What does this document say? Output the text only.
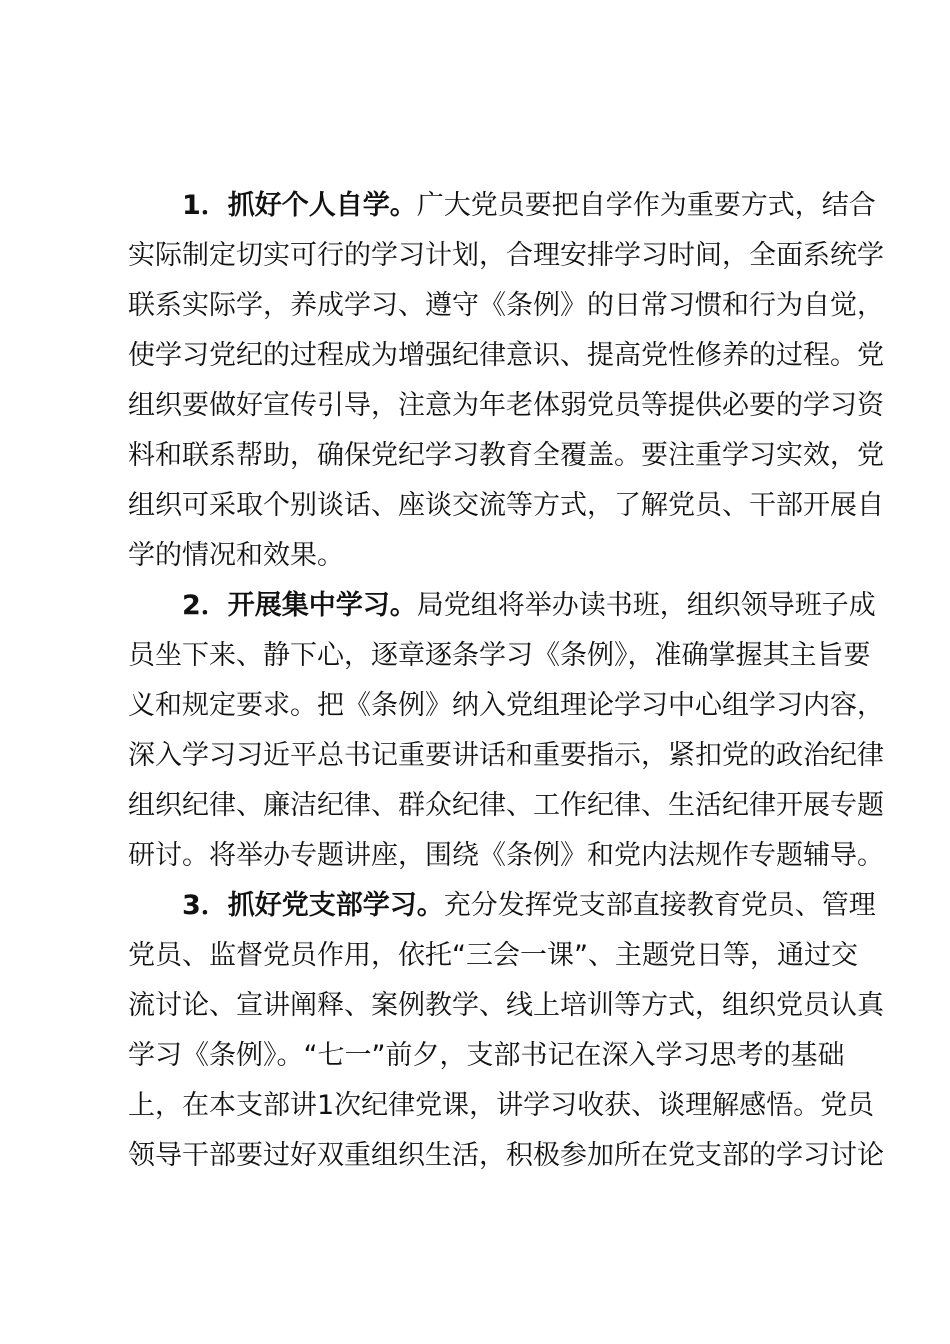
1．抓好个人自学。广大党员要把自学作为重要方式，结合
实际制定切实可行的学习计划，合理安排学习时间，全面系统学
联系实际学，养成学习、遵守《条例》的日常习惯和行为自觉，
使学习党纪的过程成为增强纪律意识、提高党性修养的过程。党
组织要做好宣传引导，注意为年老体弱党员等提供必要的学习资
料和联系帮助，确保党纪学习教育全覆盖。要注重学习实效，党
组织可采取个别谈话、座谈交流等方式，了解党员、干部开展自
学的情况和效果。
2．开展集中学习。局党组将举办读书班，组织领导班子成
员坐下来、静下心，逐章逐条学习《条例》，准确掌握其主旨要
义和规定要求。把《条例》纳入党组理论学习中心组学习内容，
深入学习习近平总书记重要讲话和重要指示，紧扣党的政治纪律
组织纪律、廉洁纪律、群众纪律、工作纪律、生活纪律开展专题
研讨。将举办专题讲座，围绕《条例》和党内法规作专题辅导。
3．抓好党支部学习。充分发挥党支部直接教育党员、管理
党员、监督党员作用，依托“三会一课”、主题党日等，通过交
流讨论、宣讲阐释、案例教学、线上培训等方式，组织党员认真
学习《条例》。“七一”前夕，支部书记在深入学习思考的基础
上，在本支部讲1次纪律党课，讲学习收获、谈理解感悟。党员
领导干部要过好双重组织生活，积极参加所在党支部的学习讨论
